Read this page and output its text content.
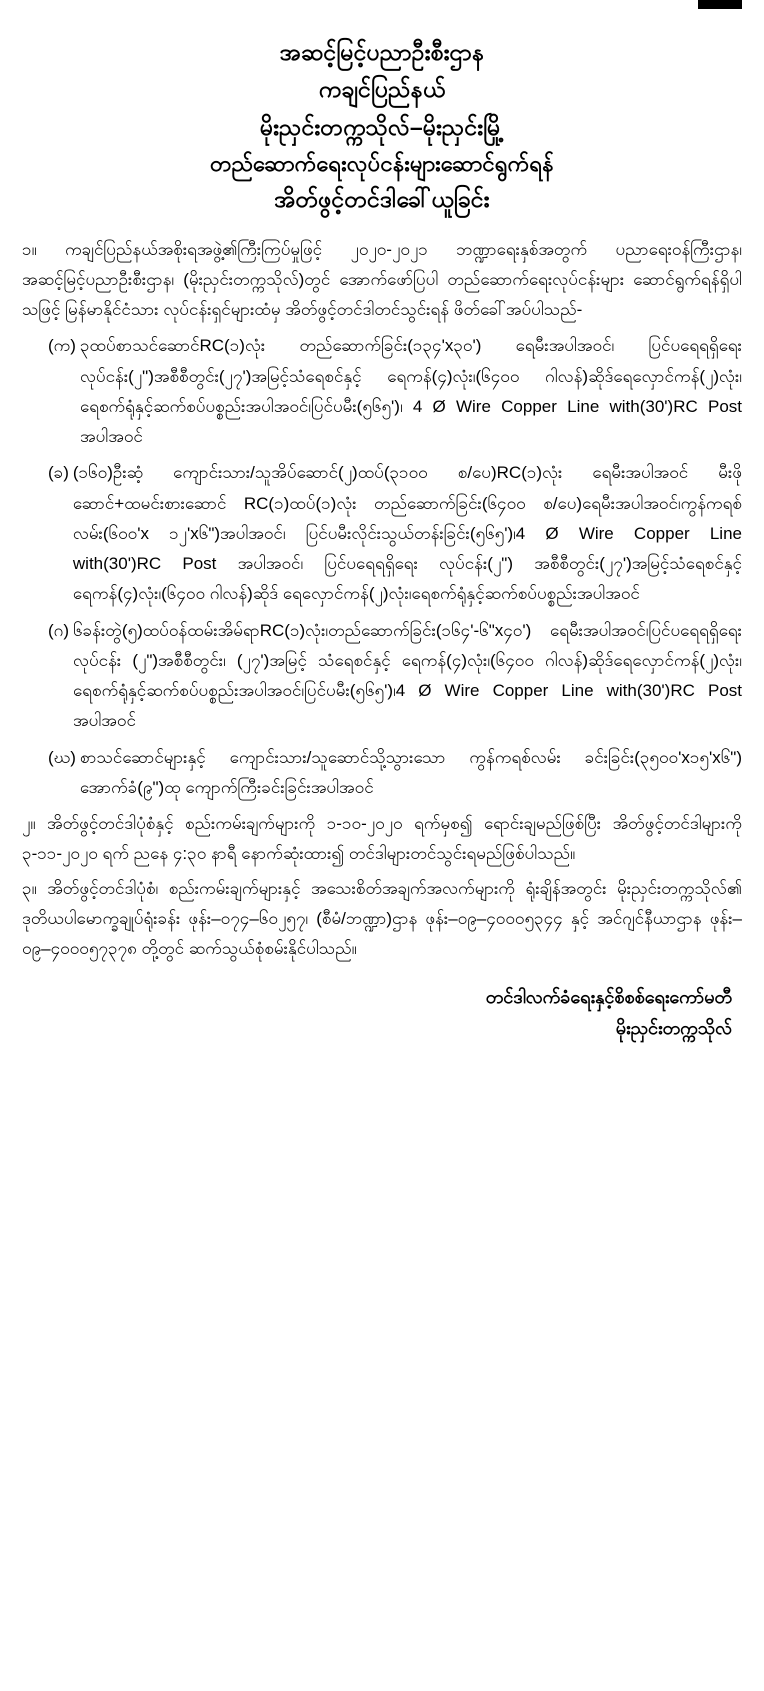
အဆင့်မြင့်ပညာဦးစီးဌာန
ကချင်ပြည်နယ်
မိုးညှင်းတက္ကသိုလ်–မိုးညှင်းမြို့
တည်ဆောက်ရေးလုပ်ငန်းများဆောင်ရွက်ရန်
အိတ်ဖွင့်တင်ဒါခေါ်ယူခြင်း

၁။ ကချင်ပြည်နယ်အစိုးရအဖွဲ့၏ကြီးကြပ်မှုဖြင့် ၂၀၂၀-၂၀၂၁ ဘဏ္ဍာရေးနှစ်အတွက် ပညာရေးဝန်ကြီးဌာန၊ အဆင့်မြင့်ပညာဦးစီးဌာန၊ (မိုးညှင်းတက္ကသိုလ်)တွင် အောက်ဖော်ပြပါ တည်ဆောက်ရေးလုပ်ငန်းများ ဆောင်ရွက်ရန်ရှိပါသဖြင့် မြန်မာနိုင်ငံသား လုပ်ငန်းရှင်များထံမှ အိတ်ဖွင့်တင်ဒါတင်သွင်းရန် ဖိတ်ခေါ်အပ်ပါသည်-

(က) ၃ထပ်စာသင်ဆောင်RC(၁)လုံး တည်ဆောက်ခြင်း(၁၃၄'x၃၀') ရေမီးအပါအဝင်၊ ပြင်ပရေရရှိရေးလုပ်ငန်း(၂")အစီစီတွင်း(၂၇')အမြင့်သံရေစင်နှင့် ရေကန်(၄)လုံး၊(၆၄၀၀ ဂါလန်)ဆိုဒ်ရေလှောင်ကန်(၂)လုံး၊ ရေစက်ရုံနှင့်ဆက်စပ်ပစ္စည်းအပါအဝင်၊ပြင်ပမီး(၅၆၅')၊ 4 Ø Wire Copper Line with(30')RC Post အပါအဝင်
(ခ) (၁၆၀)ဦးဆံ့ ကျောင်းသား/သူအိပ်ဆောင်(၂)ထပ်(၃၁၀၀ စ/ပေ)RC(၁)လုံး ရေမီးအပါအဝင် မီးဖိုဆောင်+ထမင်းစားဆောင် RC(၁)ထပ်(၁)လုံး တည်ဆောက်ခြင်း(၆၄၀၀ စ/ပေ)ရေမီးအပါအဝင်၊ကွန်ကရစ်လမ်း(၆၀၀'x ၁၂'x၆")အပါအဝင်၊ ပြင်ပမီးလိုင်းသွယ်တန်းခြင်း(၅၆၅')၊4 Ø Wire Copper Line with(30')RC Post အပါအဝင်၊ ပြင်ပရေရရှိရေး လုပ်ငန်း(၂") အစီစီတွင်း(၂၇')အမြင့်သံရေစင်နှင့် ရေကန်(၄)လုံး၊(၆၄၀၀ ဂါလန်)ဆိုဒ် ရေလှောင်ကန်(၂)လုံး၊ရေစက်ရုံနှင့်ဆက်စပ်ပစ္စည်းအပါအဝင်
(ဂ) ၆ခန်းတွဲ(၅)ထပ်ဝန်ထမ်းအိမ်ရာRC(၁)လုံး၊တည်ဆောက်ခြင်း(၁၆၄'-၆"x၄၀') ရေမီးအပါအဝင်၊ပြင်ပရေရရှိရေးလုပ်ငန်း (၂")အစီစီတွင်း၊ (၂၇')အမြင့် သံရေစင်နှင့် ရေကန်(၄)လုံး၊(၆၄၀၀ ဂါလန်)ဆိုဒ်ရေလှောင်ကန်(၂)လုံး၊ရေစက်ရုံနှင့်ဆက်စပ်ပစ္စည်းအပါအဝင်၊ပြင်ပမီး(၅၆၅')၊4 Ø Wire Copper Line with(30')RC Post အပါအဝင်
(ဃ) စာသင်ဆောင်များနှင့် ကျောင်းသား/သူဆောင်သို့သွားသော ကွန်ကရစ်လမ်း ခင်းခြင်း(၃၅၀၀'x၁၅'x၆") အောက်ခံ(၉")ထု ကျောက်ကြီးခင်းခြင်းအပါအဝင်

၂။ အိတ်ဖွင့်တင်ဒါပုံစံနှင့် စည်းကမ်းချက်များကို ၁-၁၀-၂၀၂၀ ရက်မှစ၍ ရောင်းချမည်ဖြစ်ပြီး အိတ်ဖွင့်တင်ဒါများကို ၃-၁၁-၂၀၂၀ ရက် ညနေ ၄:၃၀ နာရီ နောက်ဆုံးထား၍ တင်ဒါများတင်သွင်းရမည်ဖြစ်ပါသည်။

၃။ အိတ်ဖွင့်တင်ဒါပုံစံ၊ စည်းကမ်းချက်များနှင့် အသေးစိတ်အချက်အလက်များကို ရုံးချိန်အတွင်း မိုးညှင်းတက္ကသိုလ်၏ ဒုတိယပါမောက္ခချုပ်ရုံးခန်း ဖုန်း–၀၇၄–၆၀၂၅၇၊ (စီမံ/ဘဏ္ဍာ)ဌာန ဖုန်း–၀၉–၄၀၀၀၅၃၄၄ နှင့် အင်ဂျင်နီယာဌာန ဖုန်း–၀၉–၄၀၀၀၅၇၃၇၈ တို့တွင် ဆက်သွယ်စုံစမ်းနိုင်ပါသည်။

တင်ဒါလက်ခံရေးနှင့်စိစစ်ရေးကော်မတီ
မိုးညှင်းတက္ကသိုလ်
